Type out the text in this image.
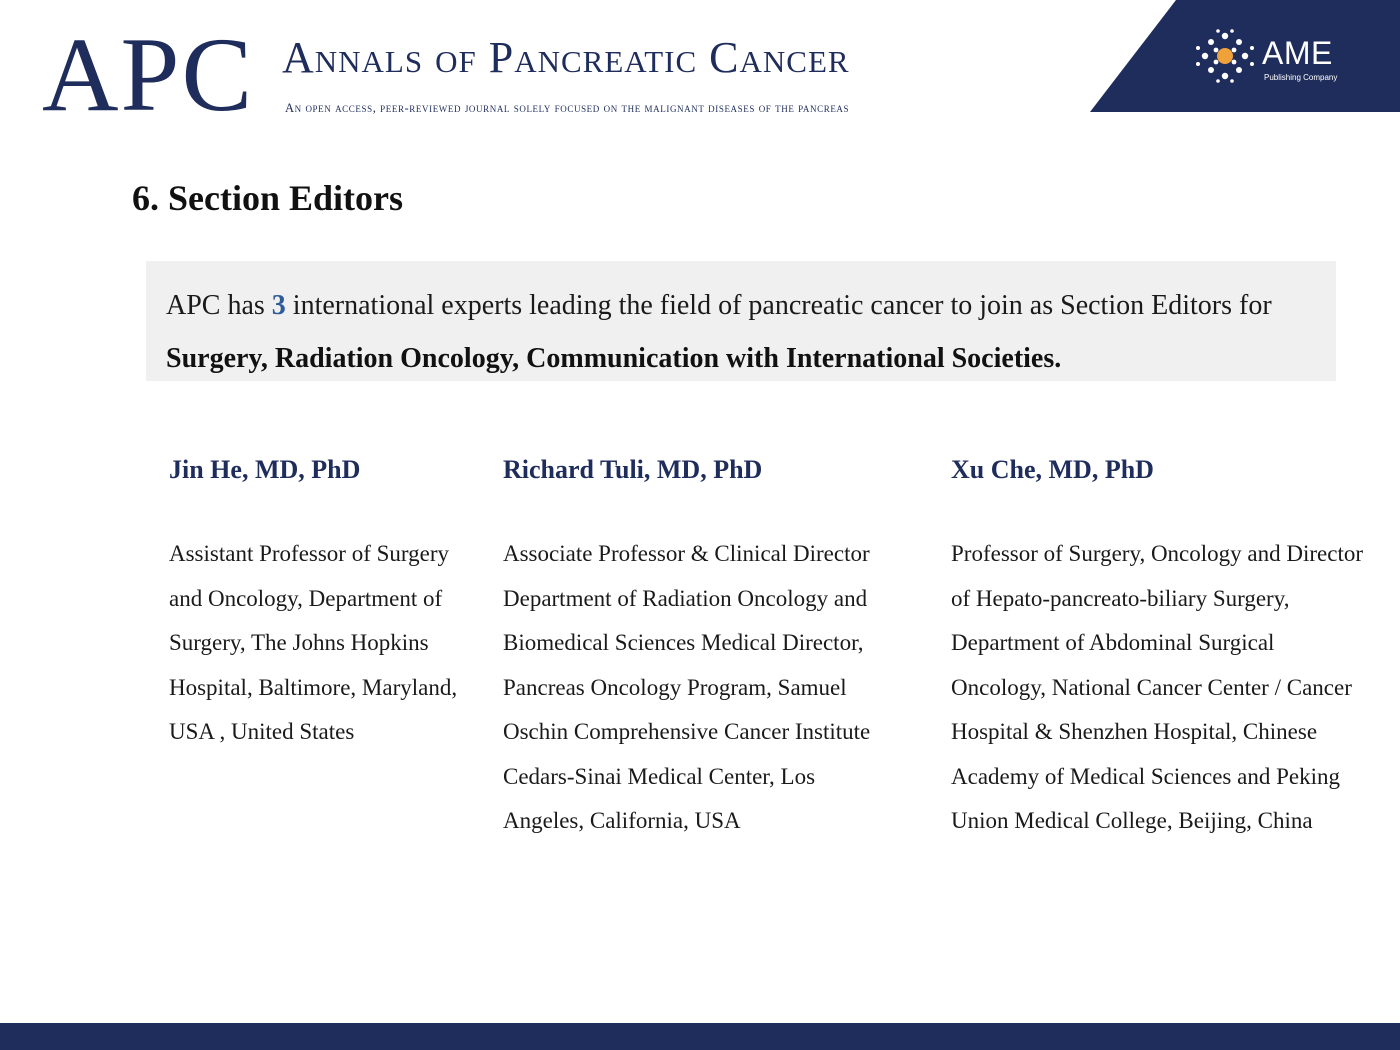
APC Annals of Pancreatic Cancer
An open access, peer-reviewed journal solely focused on the malignant diseases of the pancreas
AME
Publishing Company
6. Section Editors
APC has 3 international experts leading the field of pancreatic cancer to join as Section Editors for Surgery, Radiation Oncology, Communication with International Societies.
Jin He, MD, PhD
Assistant Professor of Surgery and Oncology, Department of Surgery, The Johns Hopkins Hospital, Baltimore, Maryland, USA , United States
Richard Tuli, MD, PhD
Associate Professor & Clinical Director Department of Radiation Oncology and Biomedical Sciences Medical Director, Pancreas Oncology Program, Samuel Oschin Comprehensive Cancer Institute Cedars-Sinai Medical Center, Los Angeles, California, USA
Xu Che, MD, PhD
Professor of Surgery, Oncology and Director of Hepato-pancreato-biliary Surgery, Department of Abdominal Surgical Oncology, National Cancer Center / Cancer Hospital & Shenzhen Hospital, Chinese Academy of Medical Sciences and Peking Union Medical College, Beijing, China
